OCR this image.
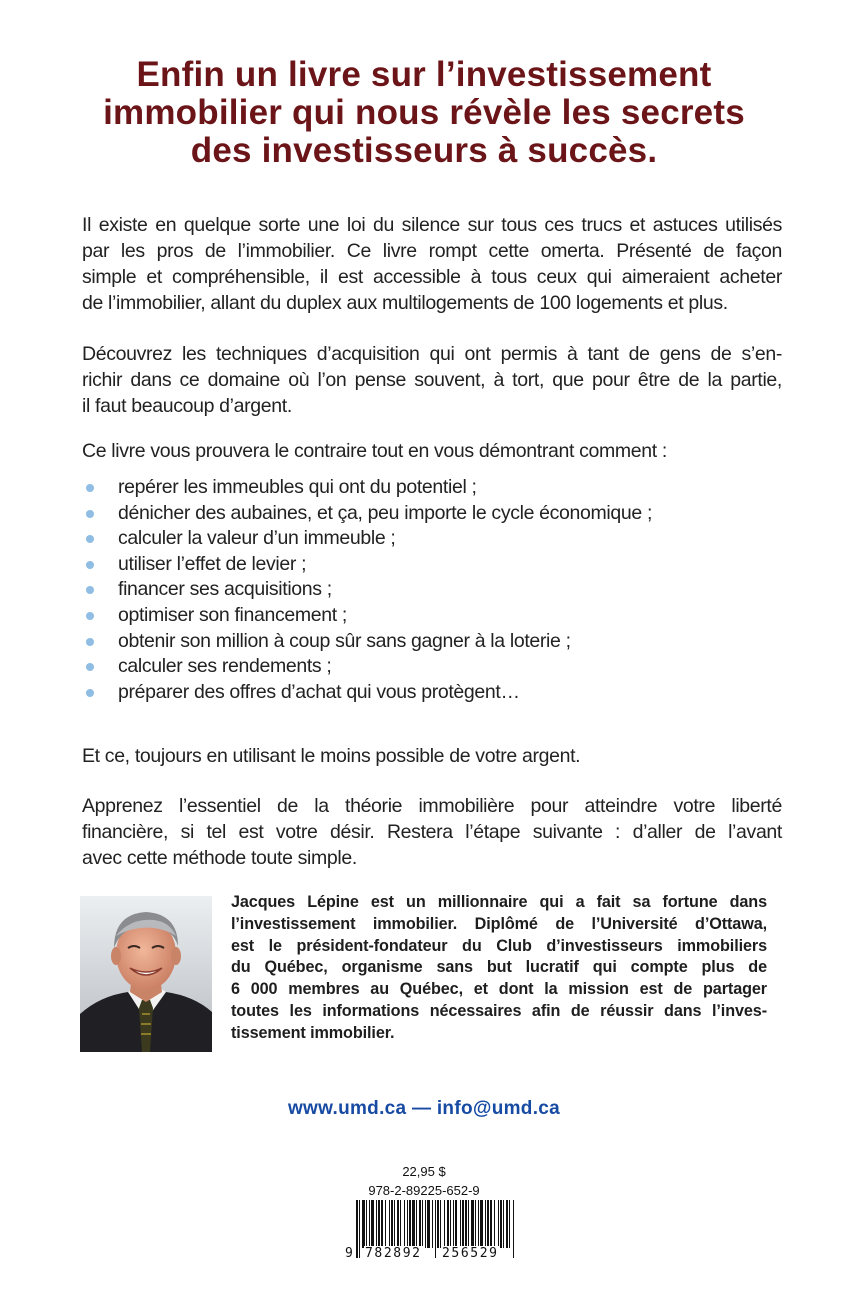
Enfin un livre sur l’investissement
immobilier qui nous révèle les secrets
des investisseurs à succès.
Il existe en quelque sorte une loi du silence sur tous ces trucs et astuces utilisés
par les pros de l’immobilier. Ce livre rompt cette omerta. Présenté de façon
simple et compréhensible, il est accessible à tous ceux qui aimeraient acheter
de l’immobilier, allant du duplex aux multilogements de 100 logements et plus.
Découvrez les techniques d’acquisition qui ont permis à tant de gens de s’en-
richir dans ce domaine où l’on pense souvent, à tort, que pour être de la partie,
il faut beaucoup d’argent.
Ce livre vous prouvera le contraire tout en vous démontrant comment :
repérer les immeubles qui ont du potentiel ;
dénicher des aubaines, et ça, peu importe le cycle économique ;
calculer la valeur d’un immeuble ;
utiliser l’effet de levier ;
financer ses acquisitions ;
optimiser son financement ;
obtenir son million à coup sûr sans gagner à la loterie ;
calculer ses rendements ;
préparer des offres d’achat qui vous protègent…
Et ce, toujours en utilisant le moins possible de votre argent.
Apprenez l’essentiel de la théorie immobilière pour atteindre votre liberté
financière, si tel est votre désir. Restera l’étape suivante : d’aller de l’avant
avec cette méthode toute simple.
Jacques Lépine est un millionnaire qui a fait sa fortune dans
l’investissement immobilier. Diplômé de l’Université d’Ottawa,
est le président-fondateur du Club d’investisseurs immobiliers
du Québec, organisme sans but lucratif qui compte plus de
6 000 membres au Québec, et dont la mission est de partager
toutes les informations nécessaires afin de réussir dans l’inves-
tissement immobilier.
www.umd.ca — info@umd.ca
22,95 $
978-2-89225-652-9
9 782892 256529
